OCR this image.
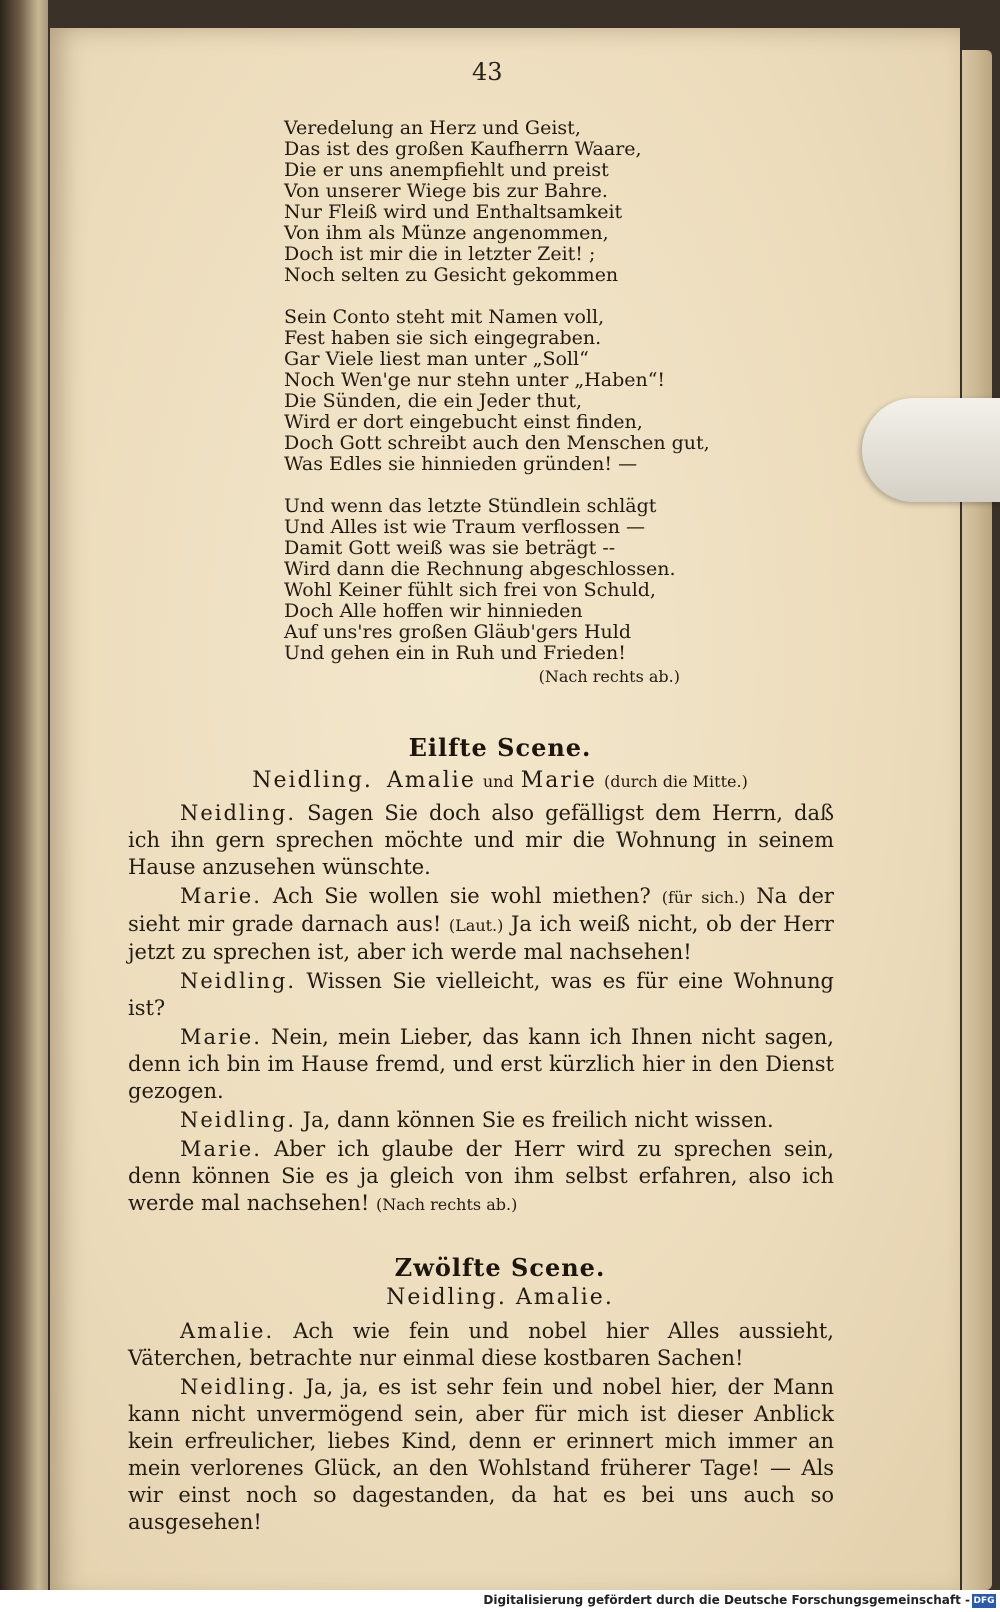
43
Veredelung an Herz und Geist,
Das ist des großen Kaufherrn Waare,
Die er uns anempfiehlt und preist
Von unserer Wiege bis zur Bahre.
Nur Fleiß wird und Enthaltsamkeit
Von ihm als Münze angenommen,
Doch ist mir die in letzter Zeit! ;
Noch selten zu Gesicht gekommen
Sein Conto steht mit Namen voll,
Fest haben sie sich eingegraben.
Gar Viele liest man unter „Soll“
Noch Wen'ge nur stehn unter „Haben“!
Die Sünden, die ein Jeder thut,
Wird er dort eingebucht einst finden,
Doch Gott schreibt auch den Menschen gut,
Was Edles sie hinnieden gründen! —
Und wenn das letzte Stündlein schlägt
Und Alles ist wie Traum verflossen —
Damit Gott weiß was sie beträgt --
Wird dann die Rechnung abgeschlossen.
Wohl Keiner fühlt sich frei von Schuld,
Doch Alle hoffen wir hinnieden
Auf uns'res großen Gläub'gers Huld
Und gehen ein in Ruh und Frieden!
(Nach rechts ab.)
Eilfte Scene.
Neidling. Amalie und Marie (durch die Mitte.)

Neidling. Sagen Sie doch also gefälligst dem Herrn, daß ich ihn gern sprechen möchte und mir die Wohnung in seinem Hause anzusehen wünschte.

Marie. Ach Sie wollen sie wohl miethen? (für sich.) Na der sieht mir grade darnach aus! (Laut.) Ja ich weiß nicht, ob der Herr jetzt zu sprechen ist, aber ich werde mal nachsehen!

Neidling. Wissen Sie vielleicht, was es für eine Wohnung ist?

Marie. Nein, mein Lieber, das kann ich Ihnen nicht sagen, denn ich bin im Hause fremd, und erst kürzlich hier in den Dienst gezogen.

Neidling. Ja, dann können Sie es freilich nicht wissen.

Marie. Aber ich glaube der Herr wird zu sprechen sein, denn können Sie es ja gleich von ihm selbst erfahren, also ich werde mal nachsehen! (Nach rechts ab.)

Zwölfte Scene.
Neidling. Amalie.

Amalie. Ach wie fein und nobel hier Alles aussieht, Väterchen, betrachte nur einmal diese kostbaren Sachen!

Neidling. Ja, ja, es ist sehr fein und nobel hier, der Mann kann nicht unvermögend sein, aber für mich ist dieser Anblick kein erfreulicher, liebes Kind, denn er erinnert mich immer an mein verlorenes Glück, an den Wohlstand früherer Tage! — Als wir einst noch so dagestanden, da hat es bei uns auch so ausgesehen!

Digitalisierung gefördert durch die Deutsche Forschungsgemeinschaft - DFG
